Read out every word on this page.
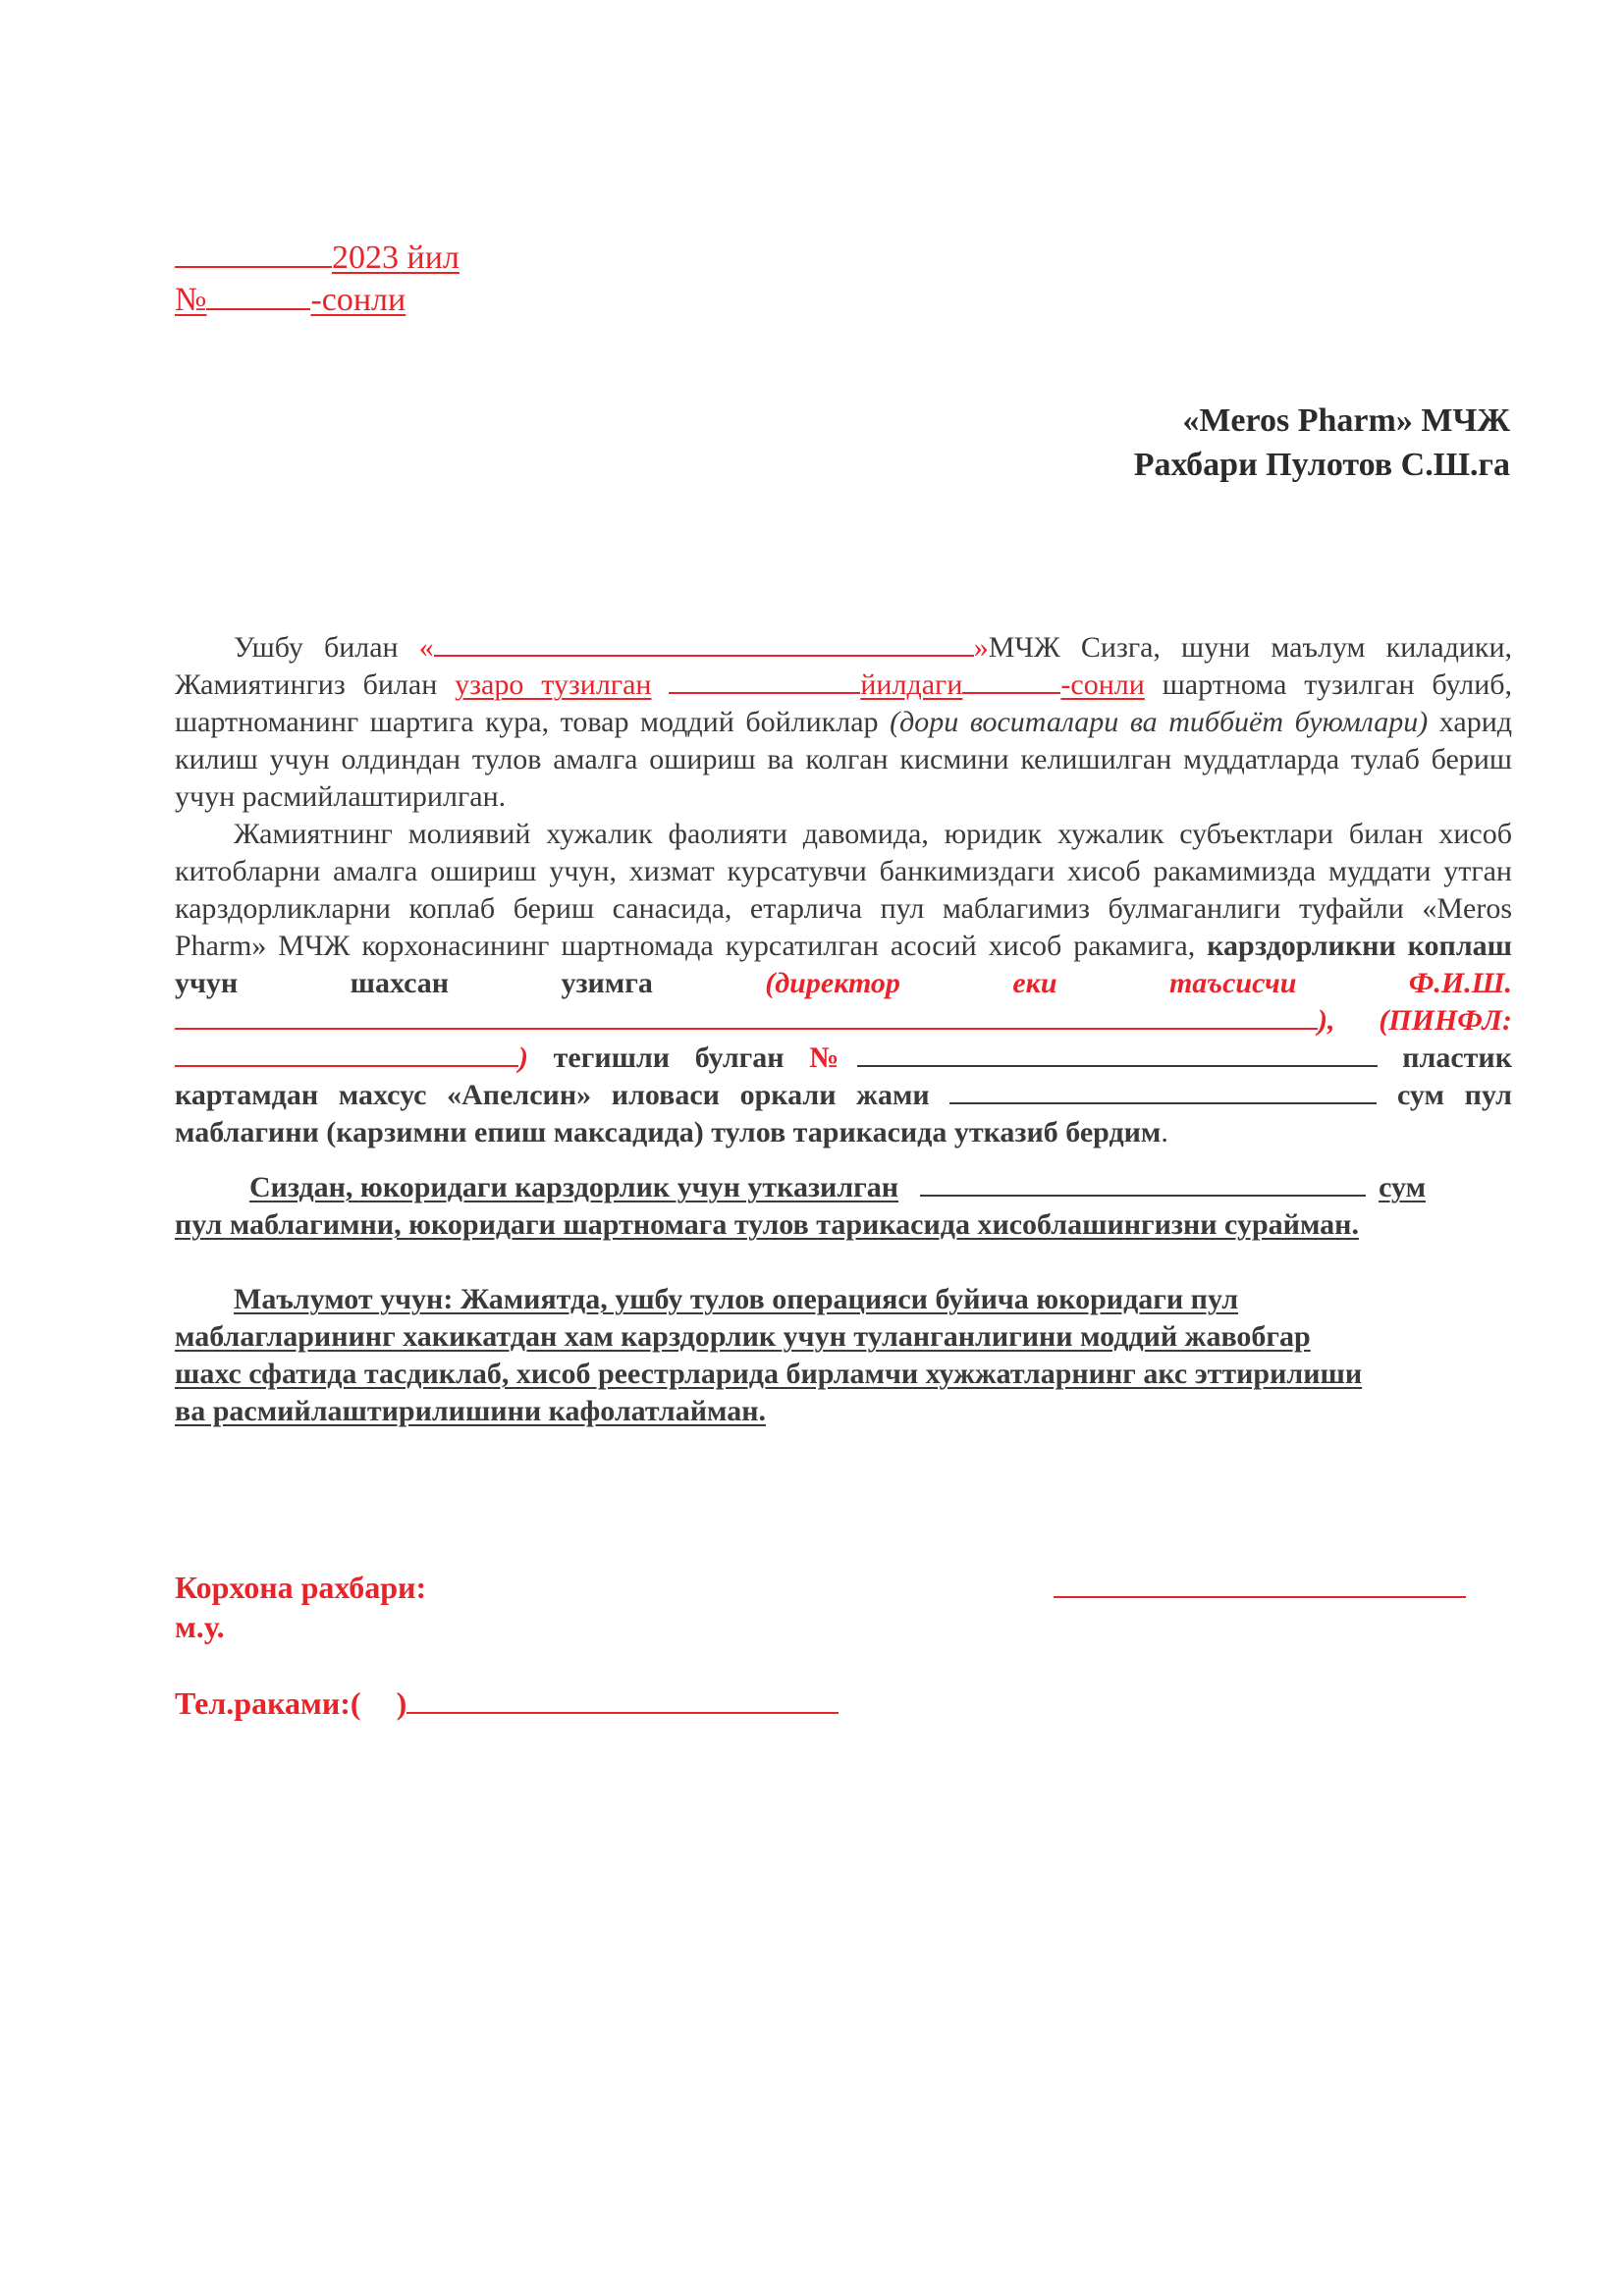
2023 йил
№	-сонли
«Meros Pharm» МЧЖ
Рахбари Пулотов С.Ш.га

Ушбу билан «	»МЧЖ Сизга, шуни маълум киладики, Жамиятингиз билан узаро тузилган	йилдаги	-сонли шартнома тузилган булиб, шартноманинг шартига кура, товар моддий бойликлар (дори воситалари ва тиббиёт буюмлари) харид килиш учун олдиндан тулов амалга ошириш ва колган кисмини келишилган муддатларда тулаб бериш учун расмийлаштирилган.

Жамиятнинг молиявий хужалик фаолияти давомида, юридик хужалик субъектлари билан хисоб китобларни амалга ошириш учун, хизмат курсатувчи банкимиздаги хисоб ракамимизда муддати утган карздорликларни коплаб бериш санасида, етарлича пул маблагимиз булмаганлиги туфайли «Meros Pharm» МЧЖ корхонасининг шартномада курсатилган асосий хисоб ракамига, карздорликни коплаш учун шахсан узимга	(директор еки таъсисчи	Ф.И.Ш.), (ПИНФЛ:) тегишли булган №	пластик картамдан махсус «Апелсин» иловаси оркали жами	сум пул маблагини (карзимни епиш максадида) тулов тарикасида утказиб бердим.

Сиздан, юкоридаги карздорлик учун утказилган	сум
пул маблагимни, юкоридаги шартномага тулов тарикасида хисоблашингизни сурайман.
Маълумот учун: Жамиятда, ушбу тулов операцияси буйича юкоридаги пул
маблагларининг хакикатдан хам карздорлик учун туланганлигини моддий жавобгар
шахс сфатида тасдиклаб, хисоб реестрларида бирламчи хужжатларнинг акс эттирилиши
ва расмийлаштирилишини кафолатлайман.
Корхона рахбари:
м.у.
Тел.раками:( )
